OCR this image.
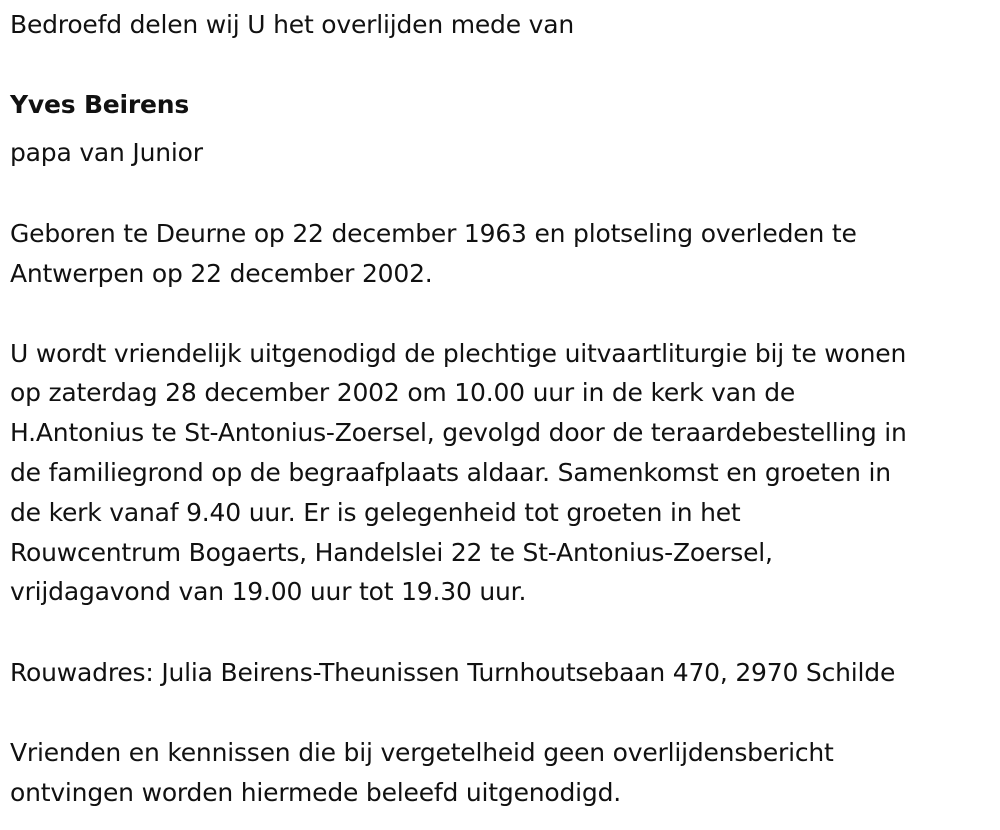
Bedroefd delen wij U het overlijden mede van
Yves Beirens
papa van Junior
Geboren te Deurne op 22 december 1963 en plotseling overleden te
Antwerpen op 22 december 2002.
U wordt vriendelijk uitgenodigd de plechtige uitvaartliturgie bij te wonen
op zaterdag 28 december 2002 om 10.00 uur in de kerk van de
H.Antonius te St-Antonius-Zoersel, gevolgd door de teraardebestelling in
de familiegrond op de begraafplaats aldaar. Samenkomst en groeten in
de kerk vanaf 9.40 uur. Er is gelegenheid tot groeten in het
Rouwcentrum Bogaerts, Handelslei 22 te St-Antonius-Zoersel,
vrijdagavond van 19.00 uur tot 19.30 uur.
Rouwadres: Julia Beirens-Theunissen Turnhoutsebaan 470, 2970 Schilde
Vrienden en kennissen die bij vergetelheid geen overlijdensbericht
ontvingen worden hiermede beleefd uitgenodigd.
